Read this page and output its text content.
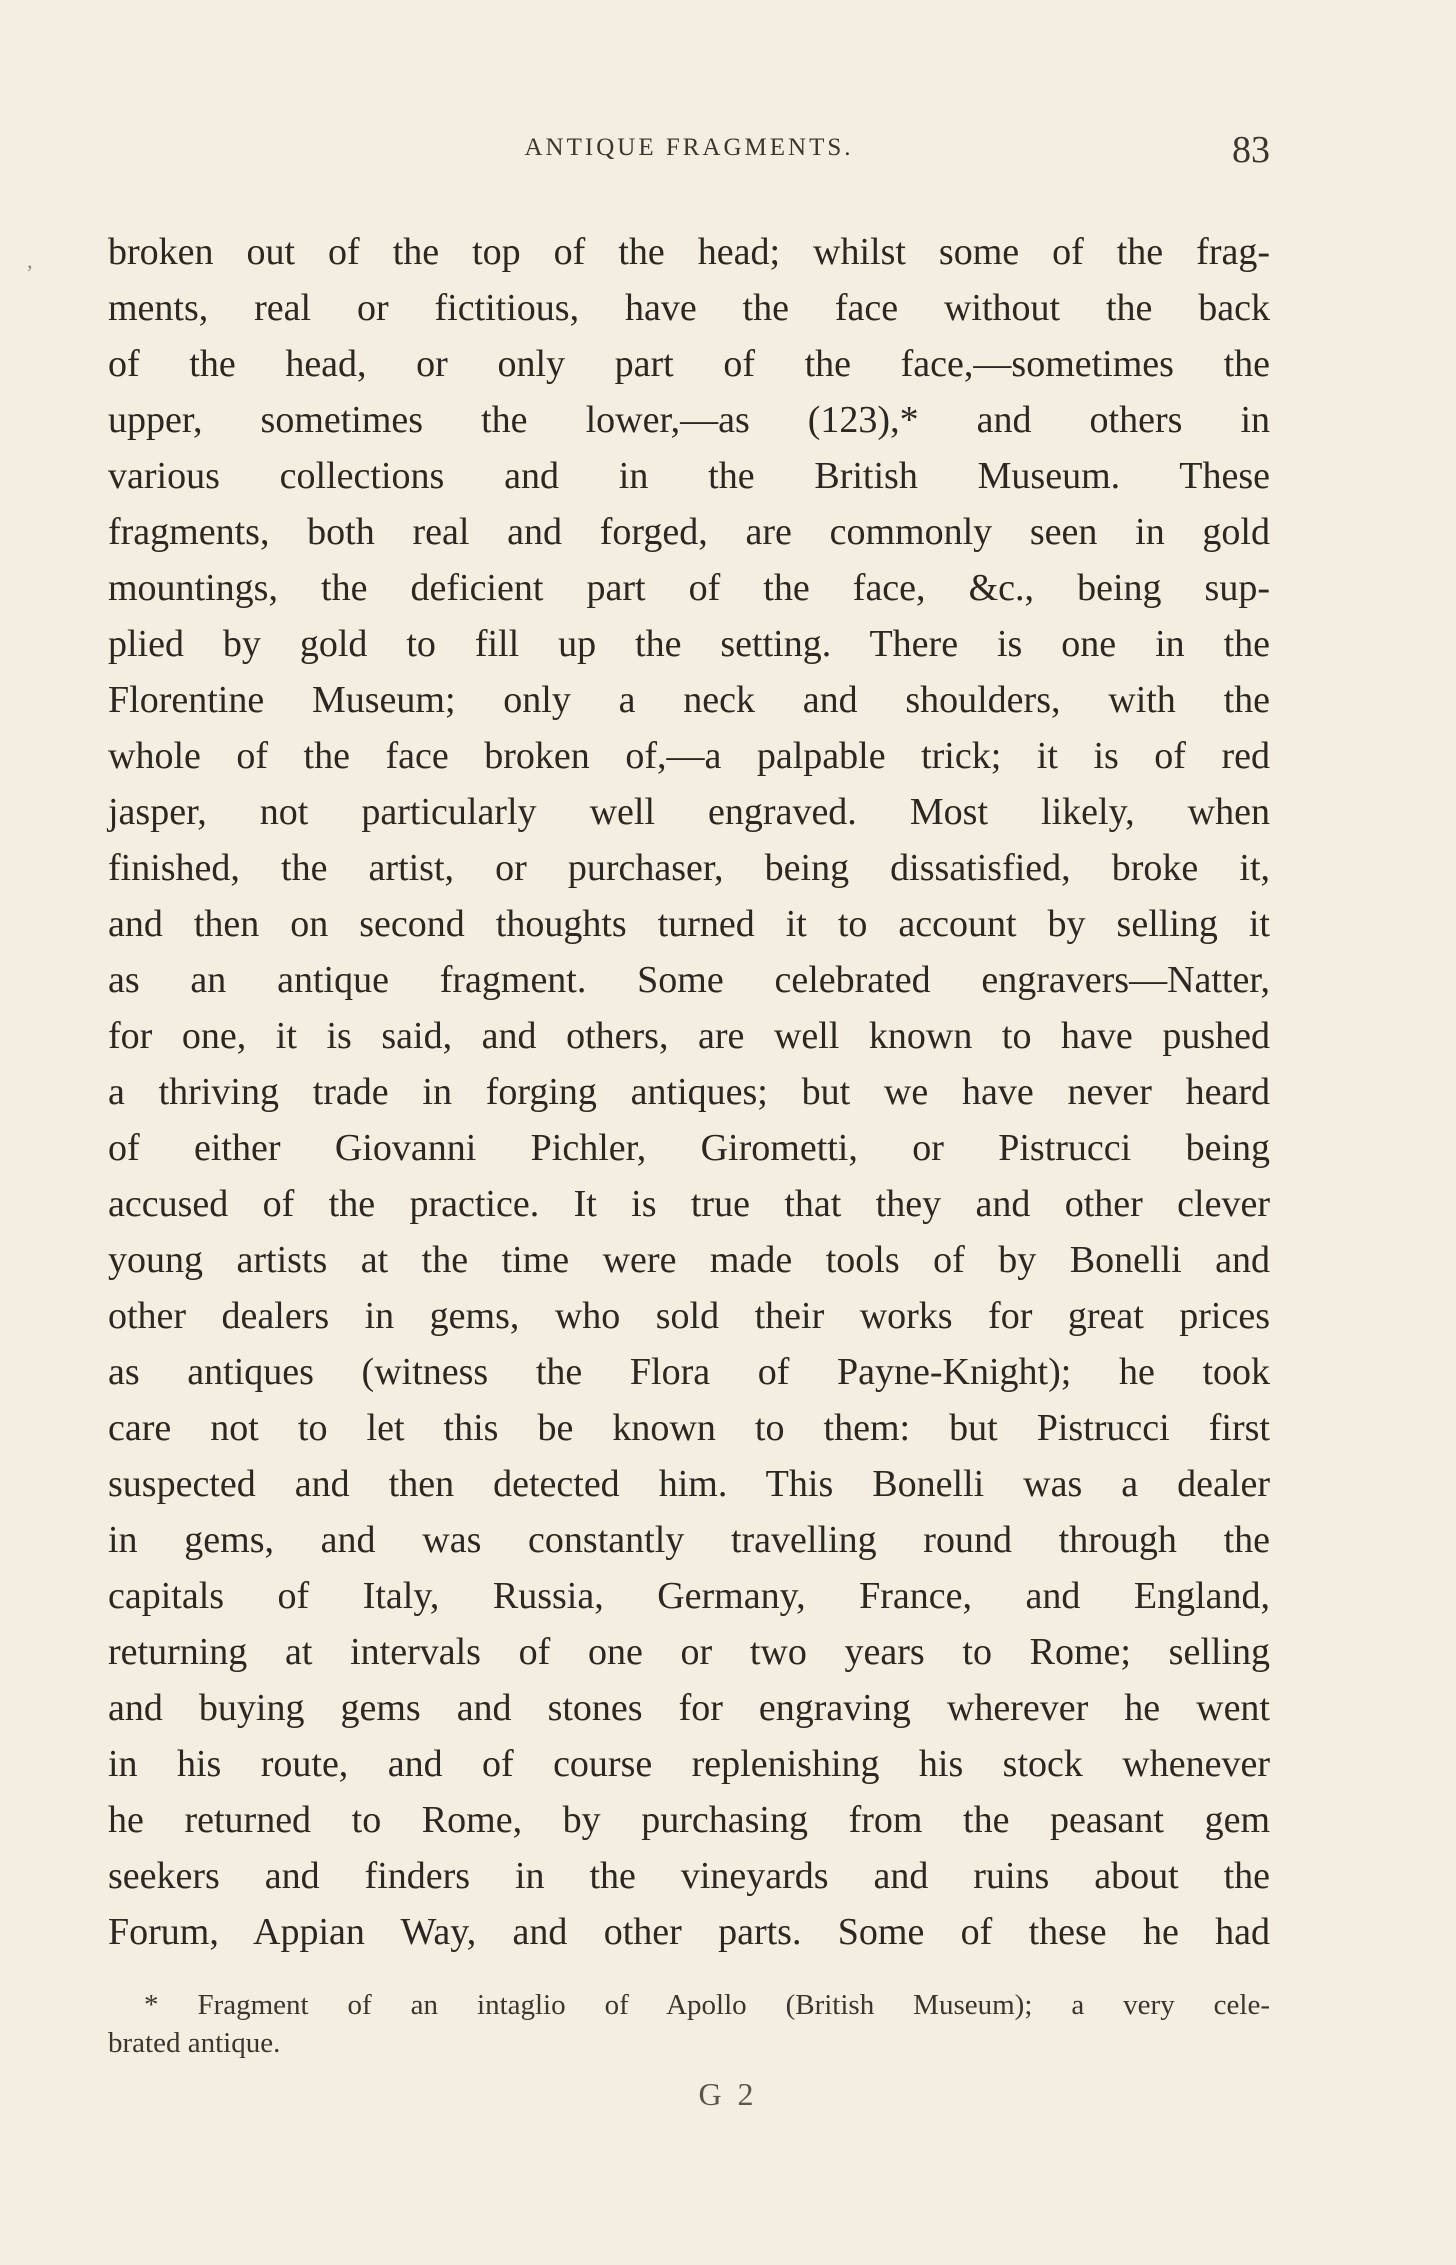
‚
ANTIQUE FRAGMENTS.	83
broken out of the top of the head; whilst some of the frag-
ments, real or fictitious, have the face without the back
of the head, or only part of the face,—sometimes the
upper, sometimes the lower,—as (123),* and others in
various collections and in the British Museum. These
fragments, both real and forged, are commonly seen in gold
mountings, the deficient part of the face, &c., being sup-
plied by gold to fill up the setting. There is one in the
Florentine Museum; only a neck and shoulders, with the
whole of the face broken of,—a palpable trick; it is of red
jasper, not particularly well engraved. Most likely, when
finished, the artist, or purchaser, being dissatisfied, broke it,
and then on second thoughts turned it to account by selling it
as an antique fragment. Some celebrated engravers—Natter,
for one, it is said, and others, are well known to have pushed
a thriving trade in forging antiques; but we have never heard
of either Giovanni Pichler, Girometti, or Pistrucci being
accused of the practice. It is true that they and other clever
young artists at the time were made tools of by Bonelli and
other dealers in gems, who sold their works for great prices
as antiques (witness the Flora of Payne-Knight); he took
care not to let this be known to them: but Pistrucci first
suspected and then detected him. This Bonelli was a dealer
in gems, and was constantly travelling round through the
capitals of Italy, Russia, Germany, France, and England,
returning at intervals of one or two years to Rome; selling
and buying gems and stones for engraving wherever he went
in his route, and of course replenishing his stock whenever
he returned to Rome, by purchasing from the peasant gem
seekers and finders in the vineyards and ruins about the
Forum, Appian Way, and other parts. Some of these he had
* Fragment of an intaglio of Apollo (British Museum); a very cele-
brated antique.
G 2
